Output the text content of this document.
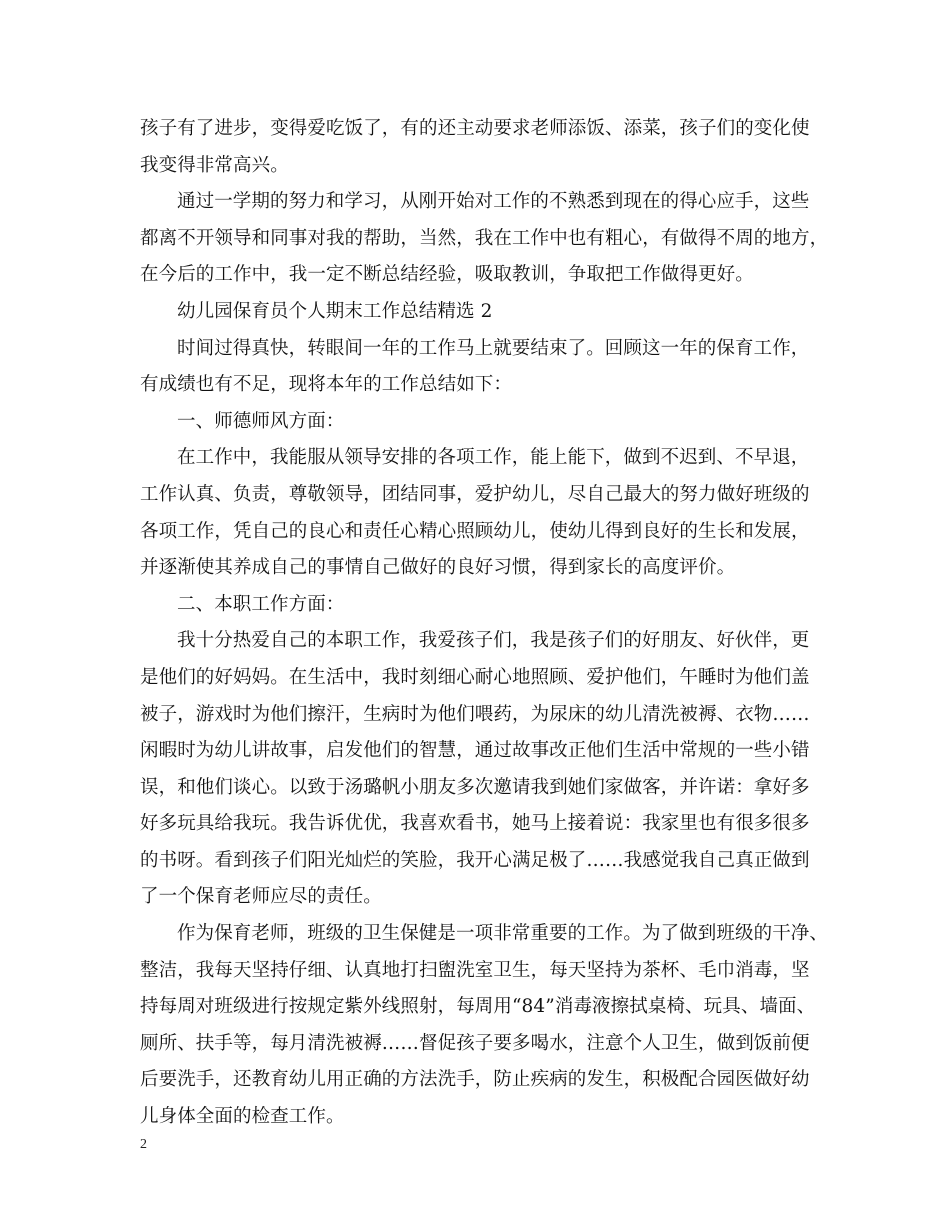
孩子有了进步，变得爱吃饭了，有的还主动要求老师添饭、添菜，孩子们的变化使
我变得非常高兴。
通过一学期的努力和学习，从刚开始对工作的不熟悉到现在的得心应手，这些
都离不开领导和同事对我的帮助，当然，我在工作中也有粗心，有做得不周的地方，
在今后的工作中，我一定不断总结经验，吸取教训，争取把工作做得更好。
幼儿园保育员个人期末工作总结精选 2
时间过得真快，转眼间一年的工作马上就要结束了。回顾这一年的保育工作，
有成绩也有不足，现将本年的工作总结如下：
一、师德师风方面：
在工作中，我能服从领导安排的各项工作，能上能下，做到不迟到、不早退，
工作认真、负责，尊敬领导，团结同事，爱护幼儿，尽自己最大的努力做好班级的
各项工作，凭自己的良心和责任心精心照顾幼儿，使幼儿得到良好的生长和发展，
并逐渐使其养成自己的事情自己做好的良好习惯，得到家长的高度评价。
二、本职工作方面：
我十分热爱自己的本职工作，我爱孩子们，我是孩子们的好朋友、好伙伴，更
是他们的好妈妈。在生活中，我时刻细心耐心地照顾、爱护他们，午睡时为他们盖
被子，游戏时为他们擦汗，生病时为他们喂药，为尿床的幼儿清洗被褥、衣物……
闲暇时为幼儿讲故事，启发他们的智慧，通过故事改正他们生活中常规的一些小错
误，和他们谈心。以致于汤璐帆小朋友多次邀请我到她们家做客，并许诺：拿好多
好多玩具给我玩。我告诉优优，我喜欢看书，她马上接着说：我家里也有很多很多
的书呀。看到孩子们阳光灿烂的笑脸，我开心满足极了……我感觉我自己真正做到
了一个保育老师应尽的责任。
作为保育老师，班级的卫生保健是一项非常重要的工作。为了做到班级的干净、
整洁，我每天坚持仔细、认真地打扫盥洗室卫生，每天坚持为茶杯、毛巾消毒，坚
持每周对班级进行按规定紫外线照射，每周用“84”消毒液擦拭桌椅、玩具、墙面、
厕所、扶手等，每月清洗被褥……督促孩子要多喝水，注意个人卫生，做到饭前便
后要洗手，还教育幼儿用正确的方法洗手，防止疾病的发生，积极配合园医做好幼
儿身体全面的检查工作。
2
